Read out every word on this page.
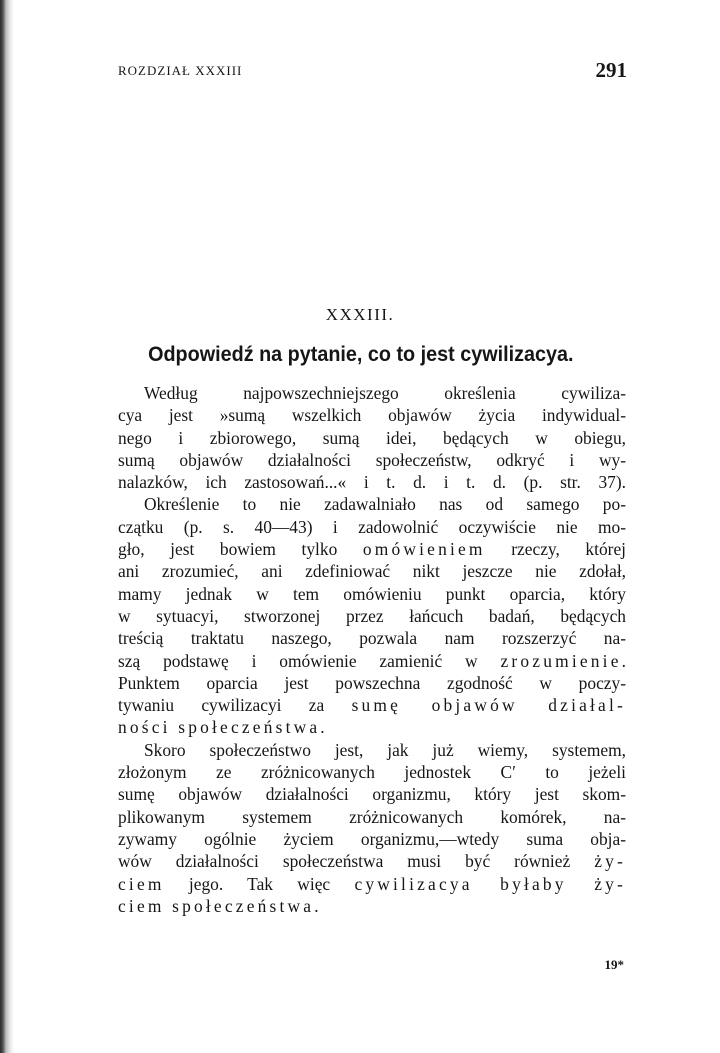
ROZDZIAŁ XXXIII	291
XXXIII.
Odpowiedź na pytanie, co to jest cywilizacya.
Według najpowszechniejszego określenia cywiliza-
cya jest »sumą wszelkich objawów życia indywidual-
nego i zbiorowego, sumą idei, będących w obiegu,
sumą objawów działalności społeczeństw, odkryć i wy-
nalazków, ich zastosowań...« i t. d. i t. d. (p. str. 37).
Określenie to nie zadawalniało nas od samego po-
czątku (p. s. 40—43) i zadowolnić oczywiście nie mo-
gło, jest bowiem tylko omówieniem rzeczy, której
ani zrozumieć, ani zdefiniować nikt jeszcze nie zdołał,
mamy jednak w tem omówieniu punkt oparcia, który
w sytuacyi, stworzonej przez łańcuch badań, będących
treścią traktatu naszego, pozwala nam rozszerzyć na-
szą podstawę i omówienie zamienić w zrozumienie.
Punktem oparcia jest powszechna zgodność w poczy-
tywaniu cywilizacyi za sumę objawów działal-
ności społeczeństwa.
Skoro społeczeństwo jest, jak już wiemy, systemem,
złożonym ze zróżnicowanych jednostek C′ to jeżeli
sumę objawów działalności organizmu, który jest skom-
plikowanym systemem zróżnicowanych komórek, na-
zywamy ogólnie życiem organizmu,—wtedy suma obja-
wów działalności społeczeństwa musi być również ży-
ciem jego. Tak więc cywilizacya byłaby ży-
ciem społeczeństwa.
19*
